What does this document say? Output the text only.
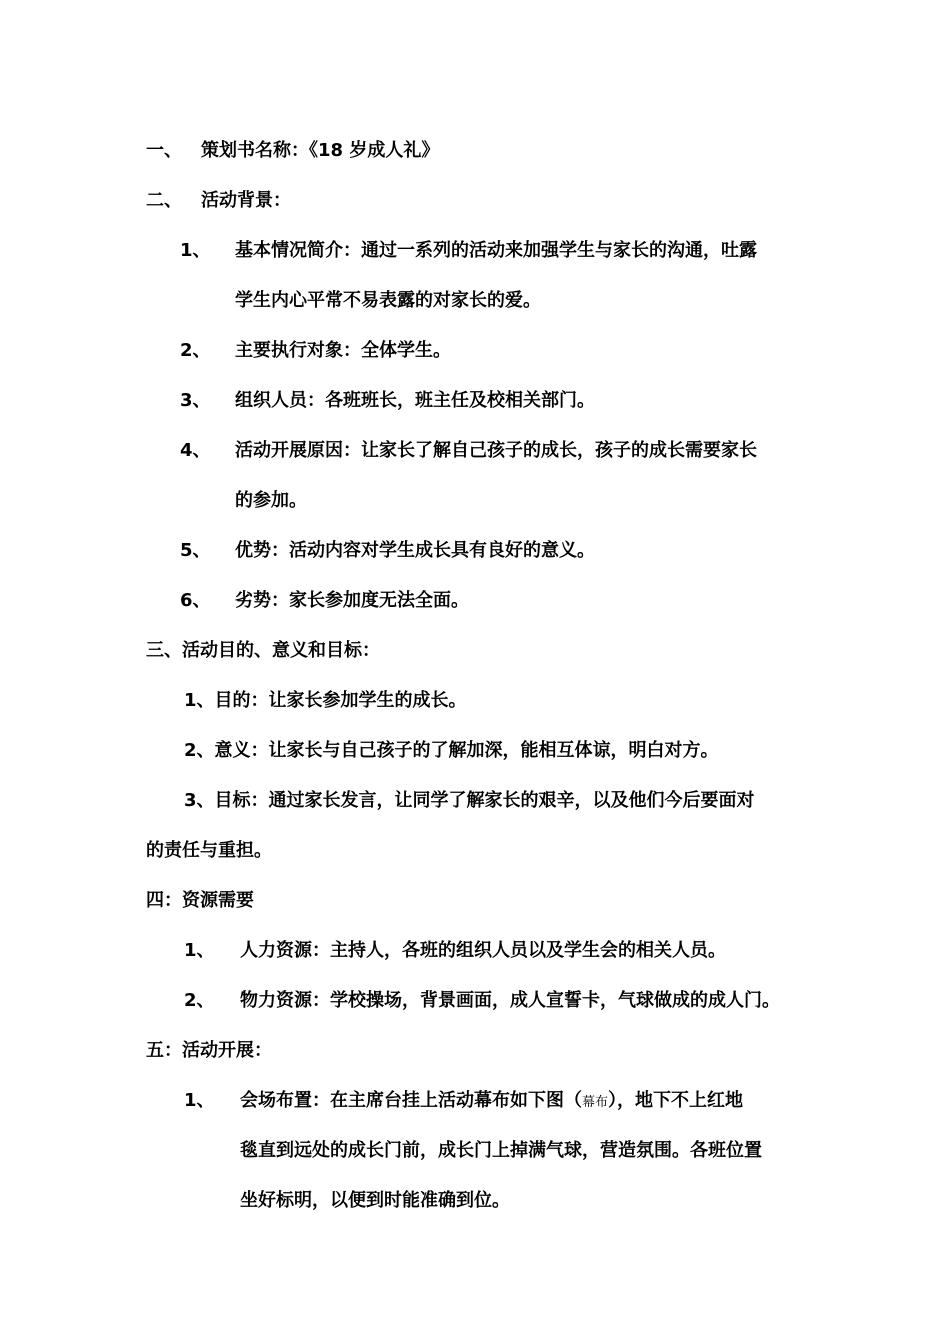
一、 策划书名称：《18 岁成人礼》
二、 活动背景：
1、 基本情况简介：通过一系列的活动来加强学生与家长的沟通，吐露
学生内心平常不易表露的对家长的爱。
2、 主要执行对象：全体学生。
3、 组织人员：各班班长，班主任及校相关部门。
4、 活动开展原因：让家长了解自己孩子的成长，孩子的成长需要家长
的参加。
5、 优势：活动内容对学生成长具有良好的意义。
6、 劣势：家长参加度无法全面。
三、活动目的、意义和目标：
1、目的：让家长参加学生的成长。
2、意义：让家长与自己孩子的了解加深，能相互体谅，明白对方。
3、目标：通过家长发言，让同学了解家长的艰辛，以及他们今后要面对
的责任与重担。
四：资源需要
1、 人力资源：主持人，各班的组织人员以及学生会的相关人员。
2、 物力资源：学校操场，背景画面，成人宣誓卡，气球做成的成人门。
五：活动开展：
1、 会场布置：在主席台挂上活动幕布如下图（幕布），地下不上红地
毯直到远处的成长门前，成长门上掉满气球，营造氛围。各班位置
坐好标明，以便到时能准确到位。
